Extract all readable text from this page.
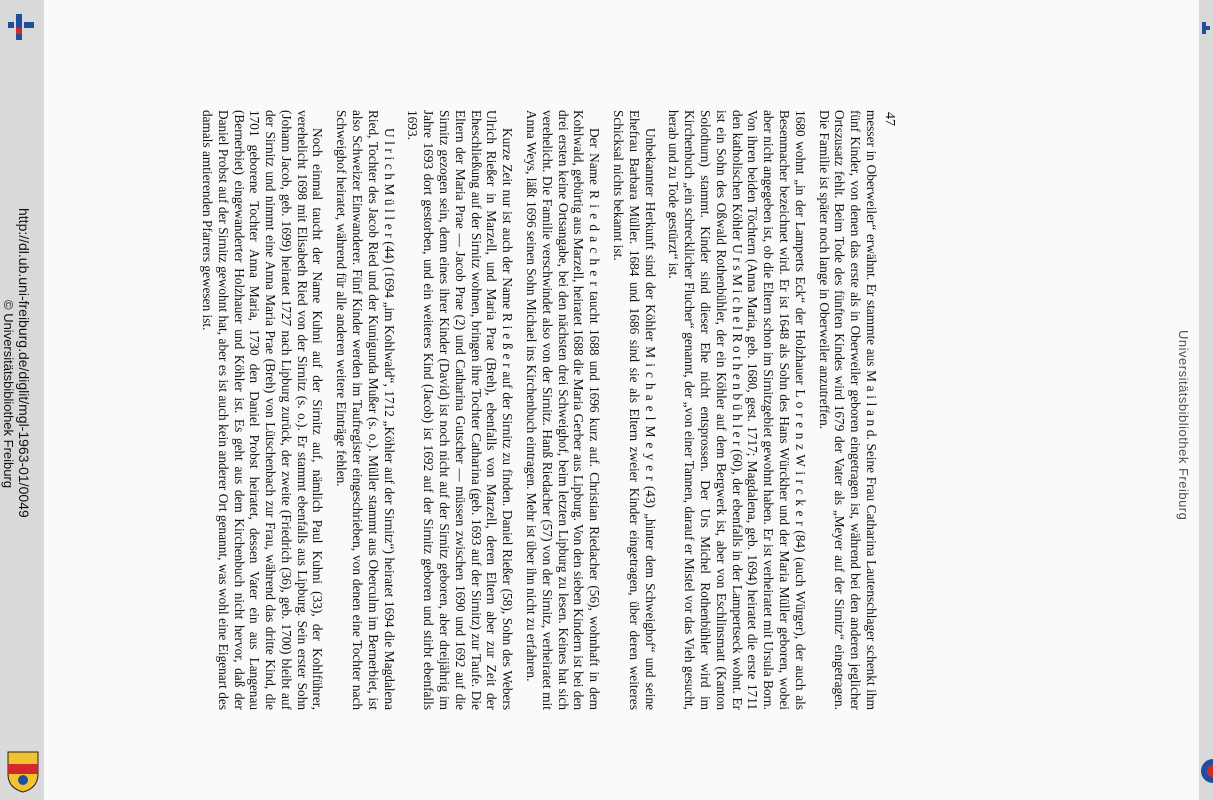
http://dl.ub.uni-freiburg.de/diglit/mgl-1963-01/0049
© Universitätsbibliothek Freiburg	Universitätsbibliothek Freiburg
47

messer in Oberweiler“ erwähnt. Er stammte aus M a i l a n d. Seine Frau Catharina Lautenschlager schenkt ihm fünf Kinder, von denen das erste als in Oberweiler geboren eingetragen ist, während bei den anderen jeglicher Ortszusatz fehlt. Beim Tode des fünften Kindes wird 1679 der Vater als „Meyer auf der Sirnitz“ eingetragen. Die Familie ist später noch lange in Oberweiler anzutreffen.

1680 wohnt „in der Lamperts Eck“ der Holzhauer L o r e n z W i r c k e r (84) (auch Würger), der auch als Besenmacher bezeichnet wird. Er ist 1648 als Sohn des Hans Würckher und der Maria Müller geboren, wobei aber nicht angegeben ist, ob die Eltern schon im Sirnitzgebiet gewohnt haben. Er ist verheiratet mit Ursula Born. Von ihren beiden Töchtern (Anna Maria, geb. 1680, gest. 1717; Magdalena, geb. 1694) heiratet die erste 1711 den katholischen Köhler U r s M i c h e l R o t h e n b ü h l e r (60), der ebenfalls in der Lampertseck wohnt. Er ist ein Sohn des Oßwald Rothenbühler, der ein Köhler auf dem Bergwerk ist, aber von Eschlinsmatt (Kanton Solothurn) stammt. Kinder sind dieser Ehe nicht entsprossen. Der Urs Michel Rothenbühler wird im Kirchenbuch „ein schrecklicher Flucher“ genannt, der „von einer Tannen, darauf er Mistel vor das Vieh gesucht, herab und zu Tode gestürzt“ ist.

Unbekannter Herkunft sind der Köhler M i c h a e l M e y e r (43) „hinter dem Schweighof“ und seine Ehefrau Barbara Müller. 1684 und 1686 sind sie als Eltern zweier Kinder eingetragen, über deren weiteres Schicksal nichts bekannt ist.

Der Name R i e d a c h e r taucht 1688 und 1696 kurz auf. Christian Riedacher (56), wohnhaft in dem Kohlwald, gebürtig aus Marzell, heiratet 1688 die Maria Gerber aus Lipburg. Von den sieben Kindern ist bei den drei ersten keine Ortsangabe, bei den nächsten drei Schweighof, beim letzten Lipburg zu lesen. Keines hat sich verehelicht. Die Familie verschwindet also von der Sirnitz. Hanß Riedacher (57) von der Sirnitz, verheiratet mit Anna Weys, läßt 1696 seinen Sohn Michael ins Kirchenbuch eintragen. Mehr ist über ihn nicht zu erfahren.

Kurze Zeit nur ist auch der Name R i e ß e r auf der Sirnitz zu finden. Daniel Rießer (58), Sohn des Webers Ulrich Rießer in Marzell, und Maria Prae (Breh), ebenfalls von Marzell, deren Eltern aber zur Zeit der Eheschließung auf der Sirnitz wohnen, bringen ihre Tochter Catharina (geb. 1693 auf der Sirnitz) zur Taufe. Die Eltern der Maria Prae — Jacob Prae (2) und Catharina Gutscher — müssen zwischen 1690 und 1692 auf die Sirnitz gezogen sein, denn eines ihrer Kinder (David) ist noch nicht auf der Sirnitz geboren, aber dreijährig im Jahre 1693 dort gestorben, und ein weiteres Kind (Jacob) ist 1692 auf der Sirnitz geboren und stirbt ebenfalls 1693.

U l r i c h M ü l l e r (44) (1694 „im Kohlwald“, 1712 „Köhler auf der Sirnitz“) heiratet 1694 die Magdalena Ried, Tochter des Jacob Ried und der Kunigunda Mußer (s. o.). Müller stammt aus Oberculm im Bernerbiet, ist also Schweizer Einwanderer. Fünf Kinder werden im Taufregister eingeschrieben, von denen eine Tochter nach Schweighof heiratet, während für alle anderen weitere Einträge fehlen.

Noch einmal taucht der Name Kuhni auf der Sirnitz auf, nämlich Paul Kuhni (33), der Kohlführer, verehelicht 1698 mit Elisabeth Ried von der Sirnitz (s. o.). Er stammt ebenfalls aus Lipburg. Sein erster Sohn (Johann Jacob, geb. 1699) heiratet 1727 nach Lipburg zurück, der zweite (Friedrich (36), geb. 1700) bleibt auf der Sirnitz und nimmt eine Anna Maria Prae (Breh) von Lütschenbach zur Frau, während das dritte Kind, die 1701 geborene Tochter Anna Maria, 1730 den Daniel Probst heiratet, dessen Vater ein aus Langenau (Bernerbiet) eingewanderter Holzhauer und Köhler ist. Es geht aus dem Kirchenbuch nicht hervor, daß der Daniel Probst auf der Sirnitz gewohnt hat, aber es ist auch kein anderer Ort genannt, was wohl eine Eigenart des damals amtierenden Pfarrers gewesen ist.
